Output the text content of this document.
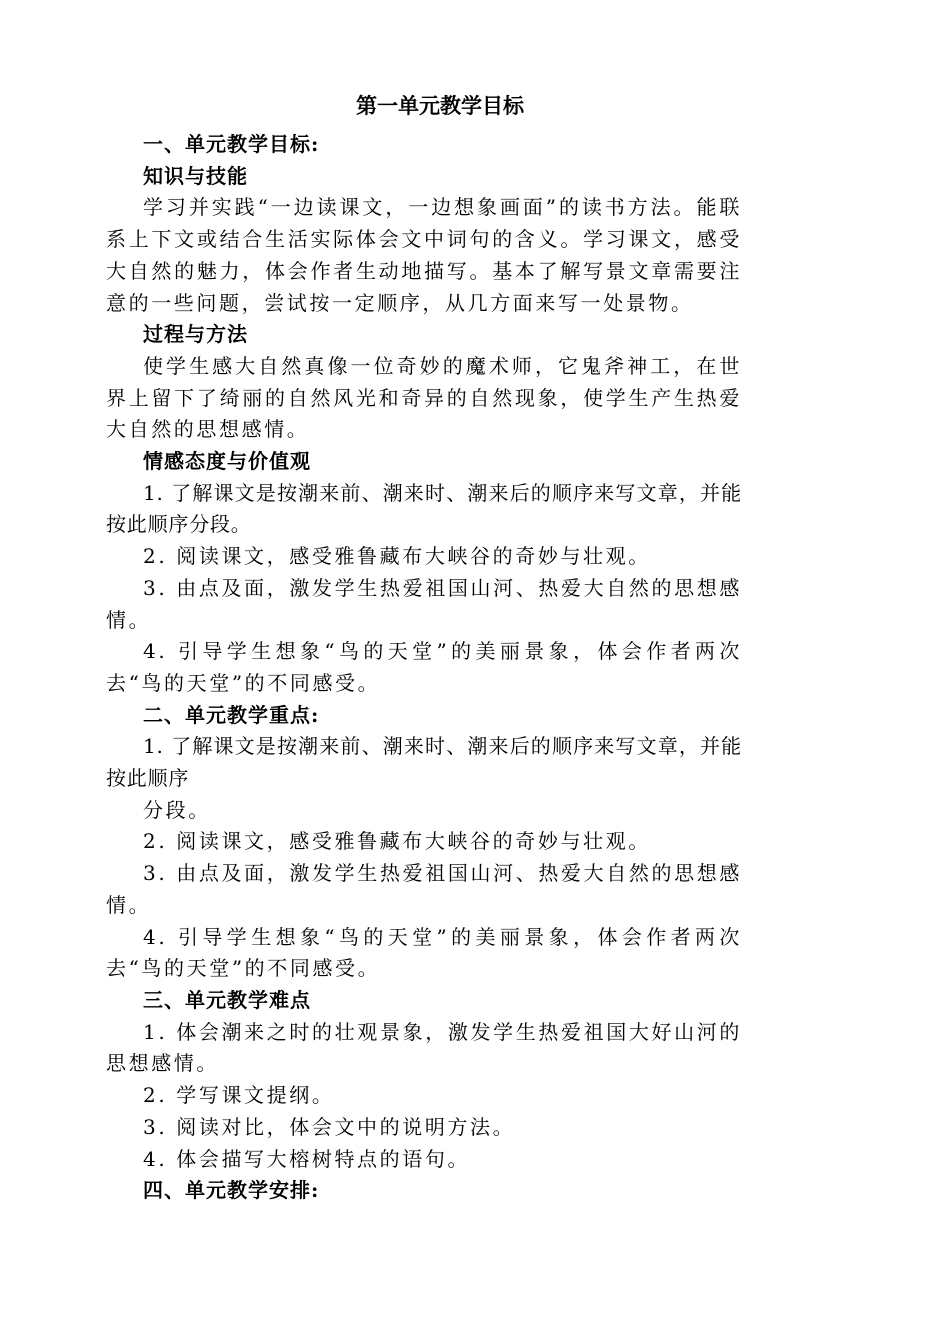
第一单元教学目标

一、单元教学目标:

知识与技能

学习并实践“一边读课文，一边想象画面”的读书方法。能联系上下文或结合生活实际体会文中词句的含义。学习课文，感受大自然的魅力，体会作者生动地描写。基本了解写景文章需要注意的一些问题，尝试按一定顺序，从几方面来写一处景物。

过程与方法

使学生感大自然真像一位奇妙的魔术师，它鬼斧神工，在世界上留下了绮丽的自然风光和奇异的自然现象，使学生产生热爱大自然的思想感情。

情感态度与价值观

1. 了解课文是按潮来前、潮来时、潮来后的顺序来写文章，并能按此顺序分段。

2. 阅读课文，感受雅鲁藏布大峡谷的奇妙与壮观。

3. 由点及面，激发学生热爱祖国山河、热爱大自然的思想感情。

4. 引导学生想象“鸟的天堂”的美丽景象，体会作者两次去“鸟的天堂”的不同感受。

二、单元教学重点:

1. 了解课文是按潮来前、潮来时、潮来后的顺序来写文章，并能按此顺序

分段。

2. 阅读课文，感受雅鲁藏布大峡谷的奇妙与壮观。

3. 由点及面，激发学生热爱祖国山河、热爱大自然的思想感情。

4. 引导学生想象“鸟的天堂”的美丽景象，体会作者两次去“鸟的天堂”的不同感受。

三、单元教学难点

1. 体会潮来之时的壮观景象，激发学生热爱祖国大好山河的思想感情。

2. 学写课文提纲。

3. 阅读对比，体会文中的说明方法。

4. 体会描写大榕树特点的语句。

四、单元教学安排:
